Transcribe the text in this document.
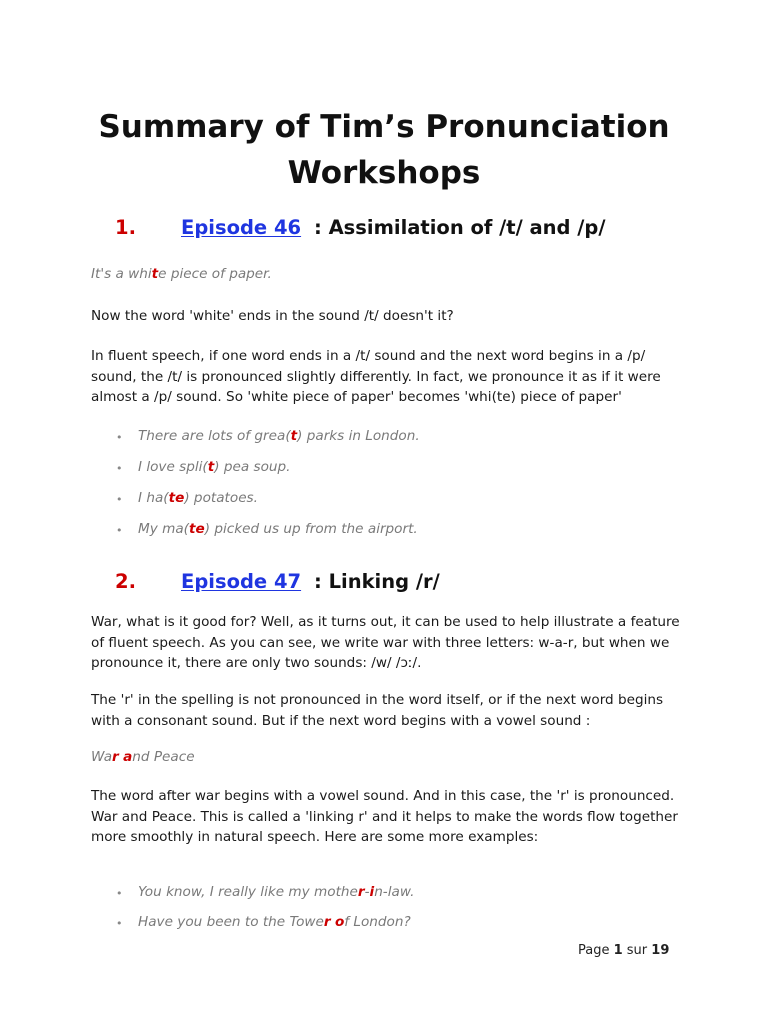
Summary of Tim’s Pronunciation
Workshops
1. Episode 46 : Assimilation of /t/ and /p/
It's a white piece of paper.
Now the word 'white' ends in the sound /t/ doesn't it?
In fluent speech, if one word ends in a /t/ sound and the next word begins in a /p/ sound, the /t/ is pronounced slightly differently. In fact, we pronounce it as if it were almost a /p/ sound. So 'white piece of paper' becomes 'whi(te) piece of paper'
• There are lots of grea(t) parks in London.
• I love spli(t) pea soup.
• I ha(te) potatoes.
• My ma(te) picked us up from the airport.
2. Episode 47 : Linking /r/
War, what is it good for? Well, as it turns out, it can be used to help illustrate a feature of fluent speech. As you can see, we write war with three letters: w-a-r, but when we pronounce it, there are only two sounds: /w/ /ɔː/.
The 'r' in the spelling is not pronounced in the word itself, or if the next word begins with a consonant sound. But if the next word begins with a vowel sound :
War and Peace
The word after war begins with a vowel sound. And in this case, the 'r' is pronounced. War and Peace. This is called a 'linking r' and it helps to make the words flow together more smoothly in natural speech. Here are some more examples:
• You know, I really like my mother-in-law.
• Have you been to the Tower of London?
Page 1 sur 19
